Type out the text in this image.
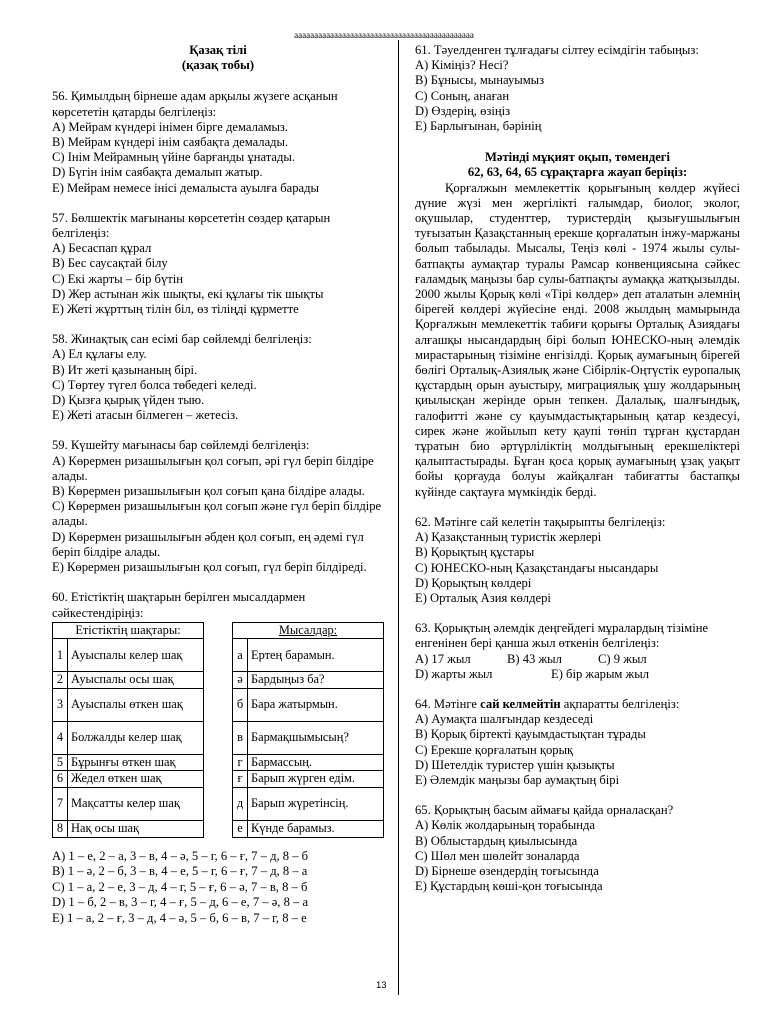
ааааааааааааааааааааааааааааааааааааааааааааа
Қазақ тілі
(қазақ тобы)

56. Қимылдың бірнеше адам арқылы жүзеге асқанын көрсететін қатарды белгілеңіз:

A) Мейрам күндері інімен бірге демаламыз.

B) Мейрам күндері інім саябақта демалады.

C) Інім Мейрамның үйіне барғанды ұнатады.

D) Бүгін інім саябақта демалып жатыр.

E) Мейрам немесе інісі демалыста ауылға барады

57. Бөлшектік мағынаны көрсететін сөздер қатарын белгілеңіз:

A) Бесаспап құрал

B) Бес саусақтай білу

C) Екі жарты – бір бүтін

D) Жер астынан жік шықты, екі құлағы тік шықты

E) Жеті жұрттың тілін біл, өз тіліңді құрметте

58. Жинақтық сан есімі бар сөйлемді белгілеңіз:

A) Ел құлағы елу.

B) Ит жеті қазынаның бірі.

C) Төртеу түгел болса төбедегі келеді.

D) Қызға қырық үйден тыю.

E) Жеті атасын білмеген – жетесіз.

59. Күшейту мағынасы бар сөйлемді белгілеңіз:

A) Көрермен ризашылығын қол соғып, әрі гүл беріп білдіре алады.

B) Көрермен ризашылығын қол соғып қана білдіре алады.

C) Көрермен ризашылығын қол соғып және гүл беріп білдіре алады.

D) Көрермен ризашылығын әбден қол соғып, ең әдемі гүл беріп білдіре алады.

E) Көрермен ризашылығын қол соғып, гүл беріп білдіреді.

60. Етістіктің шақтарын берілген мысалдармен сәйкестендіріңіз:

Етістіктің шақтары:	
1	Ауыспалы келер шақ
2	Ауыспалы осы шақ
3	Ауыспалы өткен шақ
4	Болжалды келер шақ
5	Бұрынғы өткен шақ
6	Жедел өткен шақ
7	Мақсатты келер шақ
8	Нақ осы шақ
Мысалдар:	
а	Ертең барамын.
ә	Бардыңыз ба?
б	Бара жатырмын.
в	Бармақшымысың?
г	Бармассың.
ғ	Барып жүрген едім.
д	Барып жүретінсің.
е	Күнде барамыз.

A) 1 – е, 2 – а, 3 – в, 4 – ә, 5 – г, 6 – ғ, 7 – д, 8 – б

B) 1 – ә, 2 – б, 3 – в, 4 – е, 5 – г, 6 – ғ, 7 – д, 8 – а

C) 1 – а, 2 – е, 3 – д, 4 – г, 5 – ғ, 6 – ә, 7 – в, 8 – б

D) 1 – б, 2 – в, 3 – г, 4 – ғ, 5 – д, 6 – е, 7 – ә, 8 – а

E) 1 – а, 2 – ғ, 3 – д, 4 – ә, 5 – б, 6 – в, 7 – г, 8 – е

61. Тәуелденген тұлғадағы сілтеу есімдігін табыңыз:

A) Кіміңіз? Несі?

B) Бұнысы, мынауымыз

C) Соның, анаған

D) Өздерің, өзіңіз

E) Барлығынан, бәрінің

Мәтінді мұқият оқып, төмендегі

62, 63, 64, 65 сұрақтарға жауап беріңіз:

Қорғалжын мемлекеттік қорығының көлдер жүйесі дүние жүзі мен жергілікті ғалымдар, биолог, эколог, оқушылар, студенттер, туристердің қызығушылығын туғызатын Қазақстанның ерекше қорғалатын інжу-маржаны болып табылады. Мысалы, Теңіз көлі - 1974 жылы сулы-батпақты аумақтар туралы Рамсар конвенциясына сәйкес ғаламдық маңызы бар сулы-батпақты аумаққа жатқызылды. 2000 жылы Қорық көлі «Тірі көлдер» деп аталатын әлемнің бірегей көлдері жүйесіне енді. 2008 жылдың мамырында Қорғалжын мемлекеттік табиғи қорығы Орталық Азиядағы алғашқы нысандардың бірі болып ЮНЕСКО-ның әлемдік мирастарының тізіміне енгізілді. Қорық аумағының бірегей бөлігі Орталық-Азиялық және Сібірлік-Оңтүстік еуропалық құстардың орын ауыстыру, миграциялық ұшу жолдарының қиылысқан жерінде орын тепкен. Далалық, шалғындық, галофитті және су қауымдастықтарының қатар кездесуі, сирек және жойылып кету қаупі төніп тұрған құстардан тұратын био әртүрліліктің молдығының ерекшеліктері қалыптастырады. Бұған қоса қорық аумағының ұзақ уақыт бойы қорғауда болуы жайқалған табиғатты бастапқы күйінде сақтауға мүмкіндік берді.

62. Мәтінге сай келетін тақырыпты белгілеңіз:

A) Қазақстанның туристік жерлері

B) Қорықтың құстары

C) ЮНЕСКО-ның Қазақстандағы нысандары

D) Қорықтың көлдері

E) Орталық Азия көлдері

63. Қорықтың әлемдік деңгейдегі мұралардың тізіміне енгенінен бері қанша жыл өткенін белгілеңіз:

A) 17 жыл	B) 43 жыл	C) 9 жыл

D) жарты жыл	E) бір жарым жыл

64. Мәтінге сай келмейтін ақпаратты белгілеңіз:

A) Аумақта шалғындар кездеседі

B) Қорық біртекті қауымдастықтан тұрады

C) Ерекше қорғалатын қорық

D) Шетелдік туристер үшін қызықты

E) Әлемдік маңызы бар аумақтың бірі

65. Қорықтың басым аймағы қайда орналасқан?

A) Көлік жолдарының торабында

B) Облыстардың қиылысында

C) Шөл мен шөлейт зоналарда

D) Бірнеше өзендердің тоғысында

E) Құстардың көші-қон тоғысында

13
